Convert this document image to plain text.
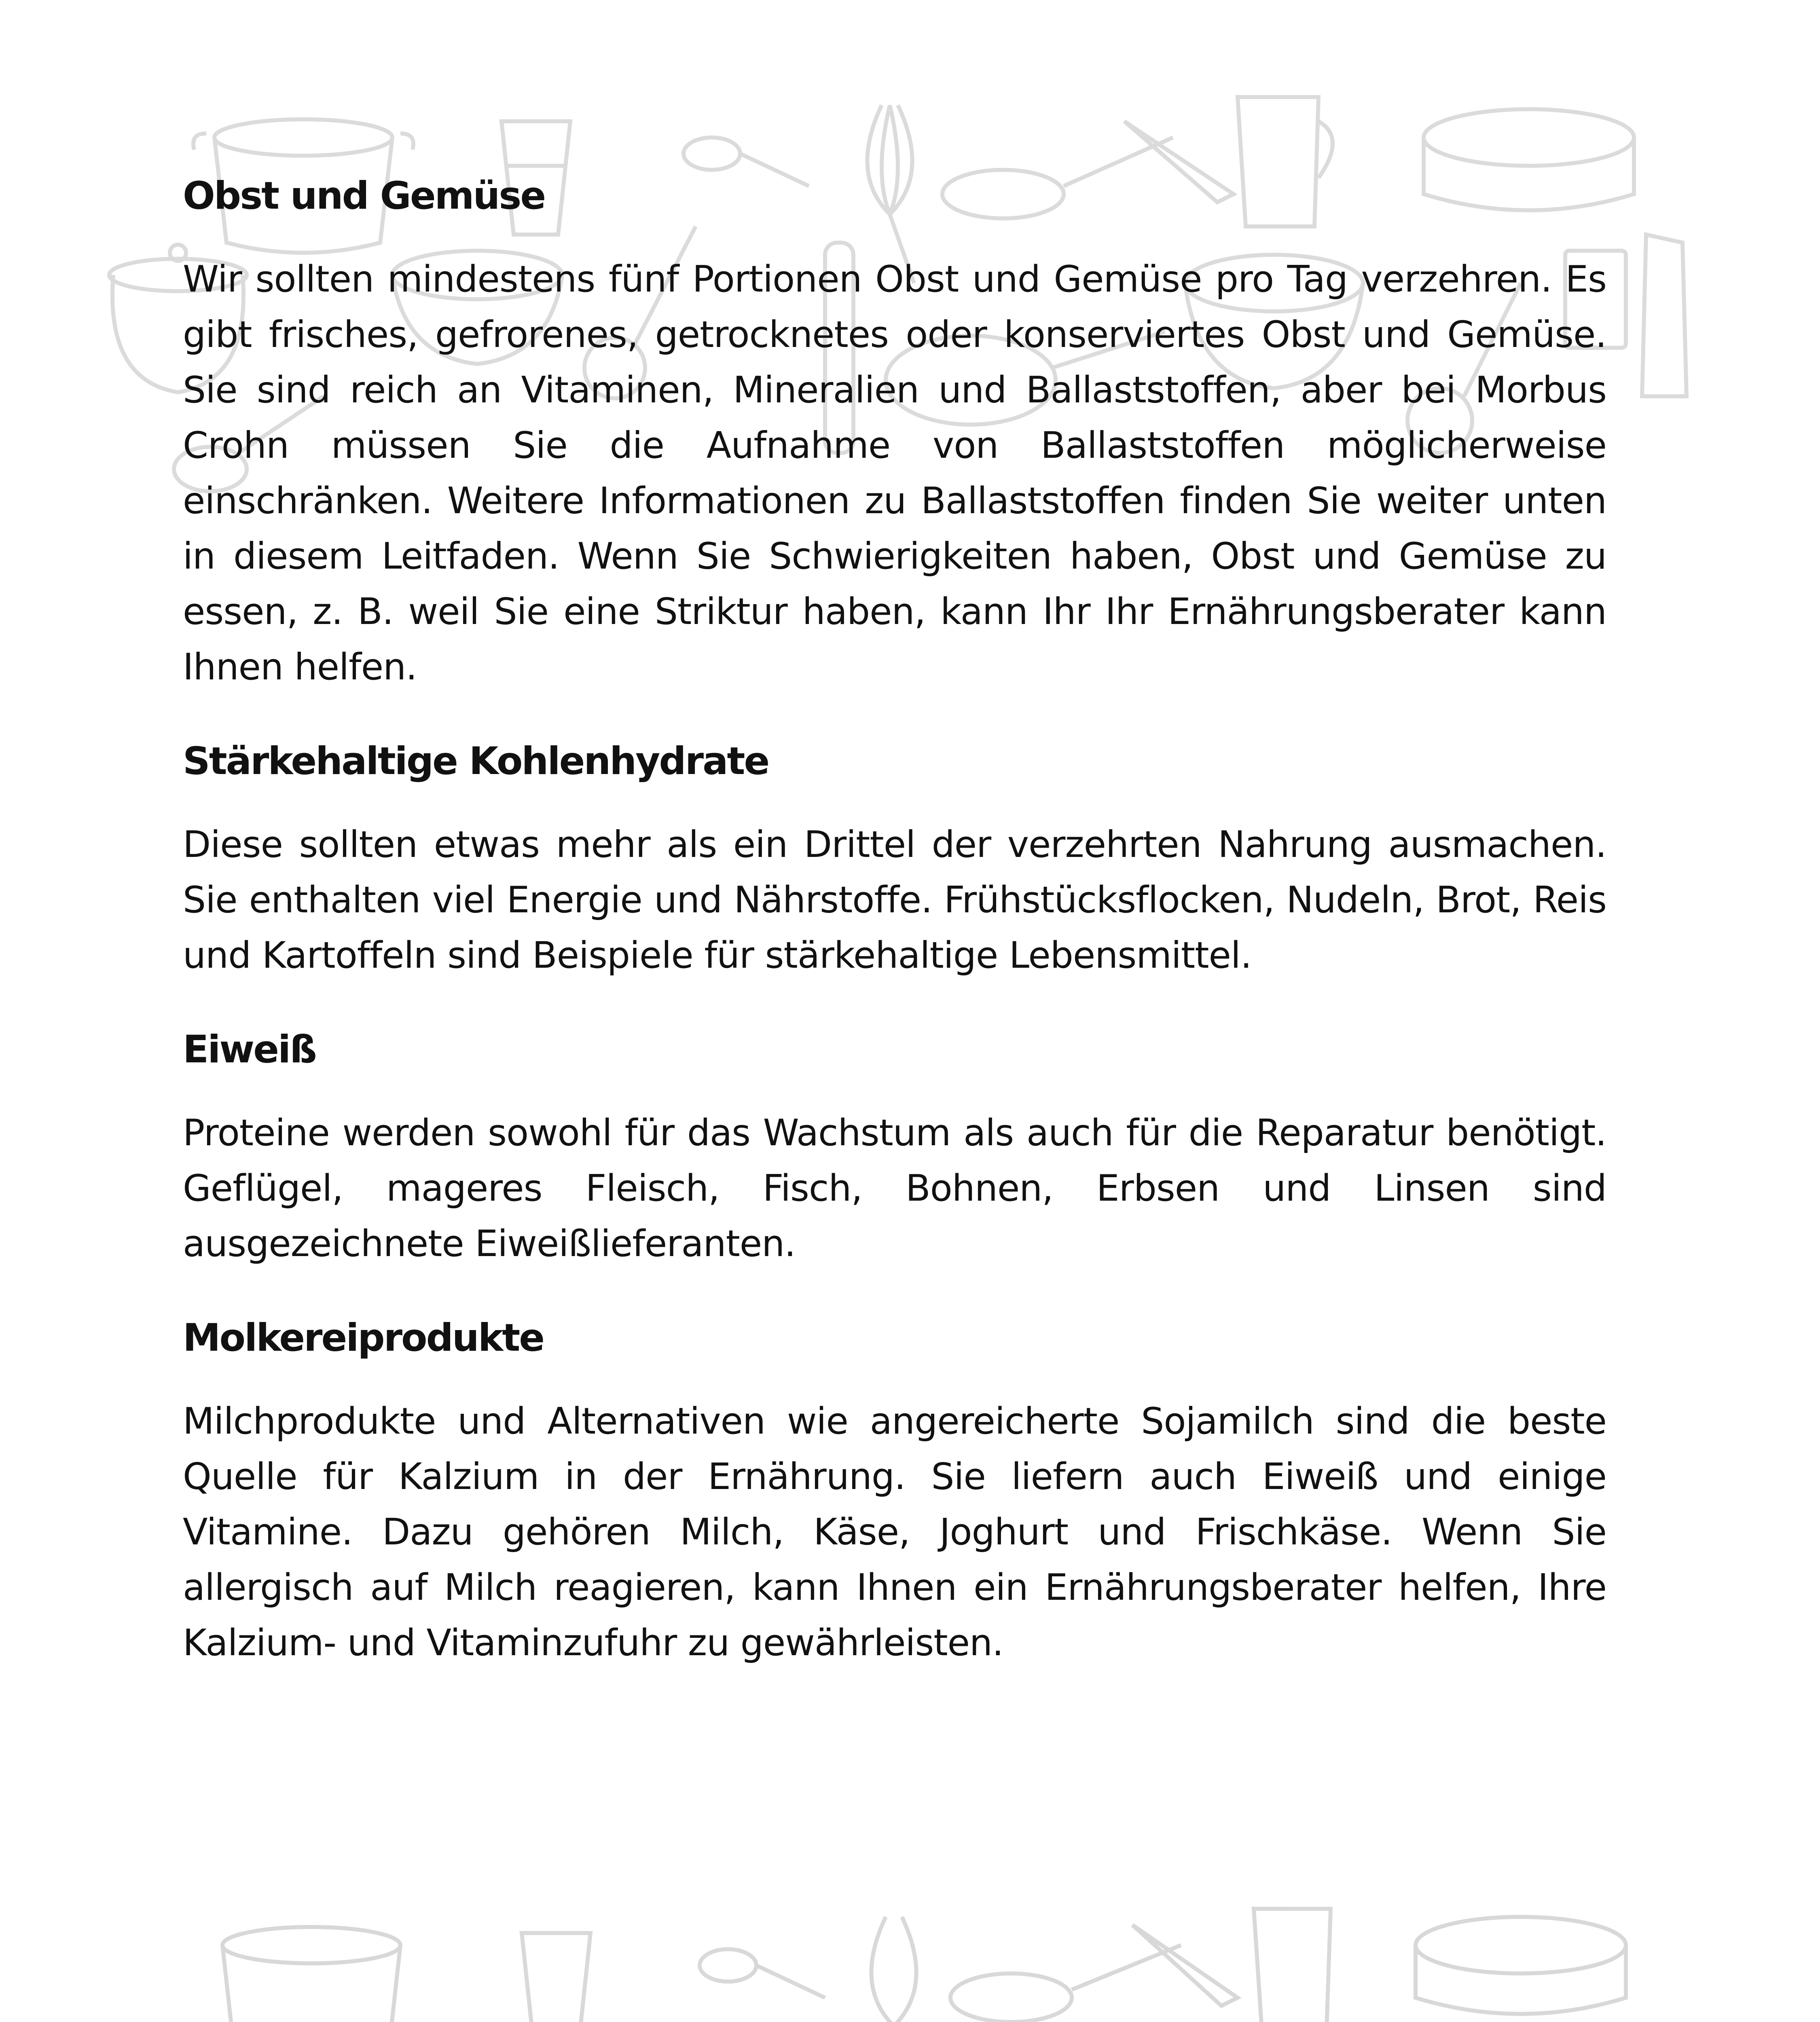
Obst und Gemüse

Wir sollten mindestens fünf Portionen Obst und Gemüse pro Tag verzehren. Es gibt frisches, gefrorenes, getrocknetes oder konserviertes Obst und Gemüse. Sie sind reich an Vitaminen, Mineralien und Ballaststoffen, aber bei Morbus Crohn müssen Sie die Aufnahme von Ballaststoffen möglicherweise einschränken. Weitere Informationen zu Ballaststoffen finden Sie weiter unten in diesem Leitfaden. Wenn Sie Schwierigkeiten haben, Obst und Gemüse zu essen, z. B. weil Sie eine Striktur haben, kann Ihr Ihr Ernährungsberater kann Ihnen helfen.

Stärkehaltige Kohlenhydrate

Diese sollten etwas mehr als ein Drittel der verzehrten Nahrung ausmachen. Sie enthalten viel Energie und Nährstoffe. Frühstücksflocken, Nudeln, Brot, Reis und Kartoffeln sind Beispiele für stärkehaltige Lebensmittel.

Eiweiß

Proteine werden sowohl für das Wachstum als auch für die Reparatur benötigt. Geflügel, mageres Fleisch, Fisch, Bohnen, Erbsen und Linsen sind ausgezeichnete Eiweißlieferanten.

Molkereiprodukte

Milchprodukte und Alternativen wie angereicherte Sojamilch sind die beste Quelle für Kalzium in der Ernährung. Sie liefern auch Eiweiß und einige Vitamine. Dazu gehören Milch, Käse, Joghurt und Frischkäse. Wenn Sie allergisch auf Milch reagieren, kann Ihnen ein Ernährungsberater helfen, Ihre Kalzium- und Vitaminzufuhr zu gewährleisten.
